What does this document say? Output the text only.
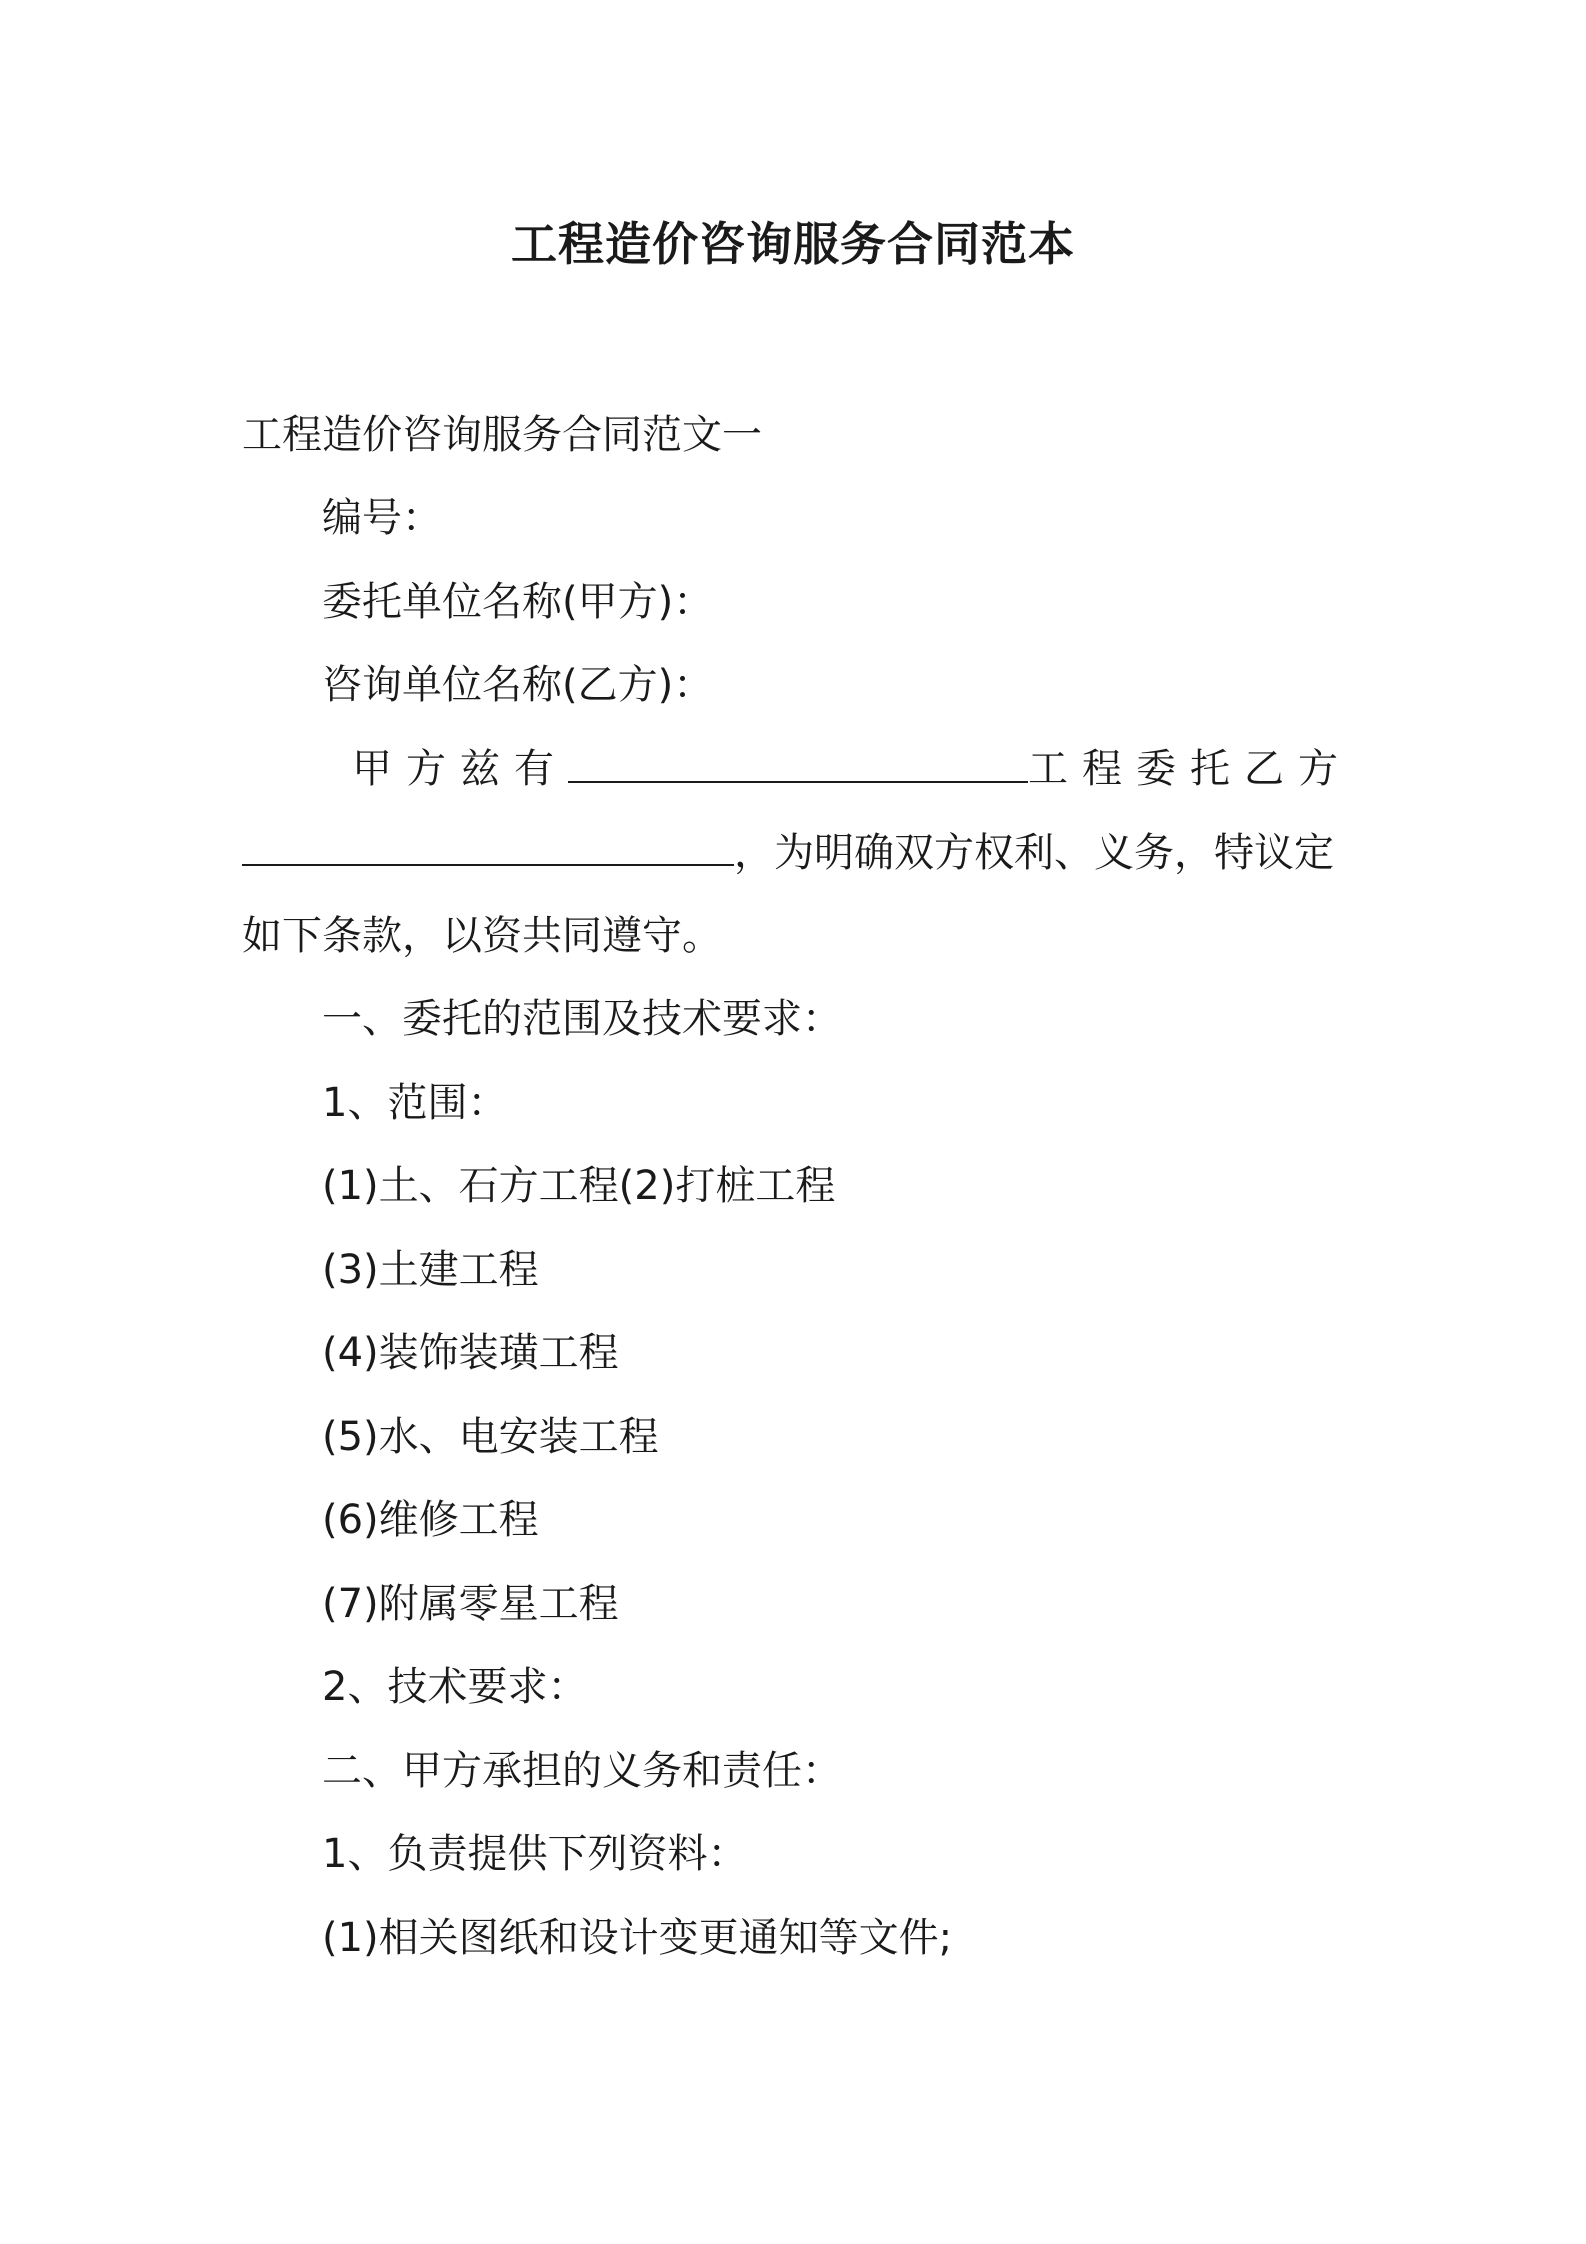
工程造价咨询服务合同范本
工程造价咨询服务合同范文一
编号：
委托单位名称(甲方)：
咨询单位名称(乙方)：
甲方兹有	工程委托乙方
，为明确双方权利、义务，特议定
如下条款，以资共同遵守。
一、委托的范围及技术要求：
1、范围：
(1)土、石方工程(2)打桩工程
(3)土建工程
(4)装饰装璜工程
(5)水、电安装工程
(6)维修工程
(7)附属零星工程
2、技术要求：
二、甲方承担的义务和责任：
1、负责提供下列资料：
(1)相关图纸和设计变更通知等文件;
